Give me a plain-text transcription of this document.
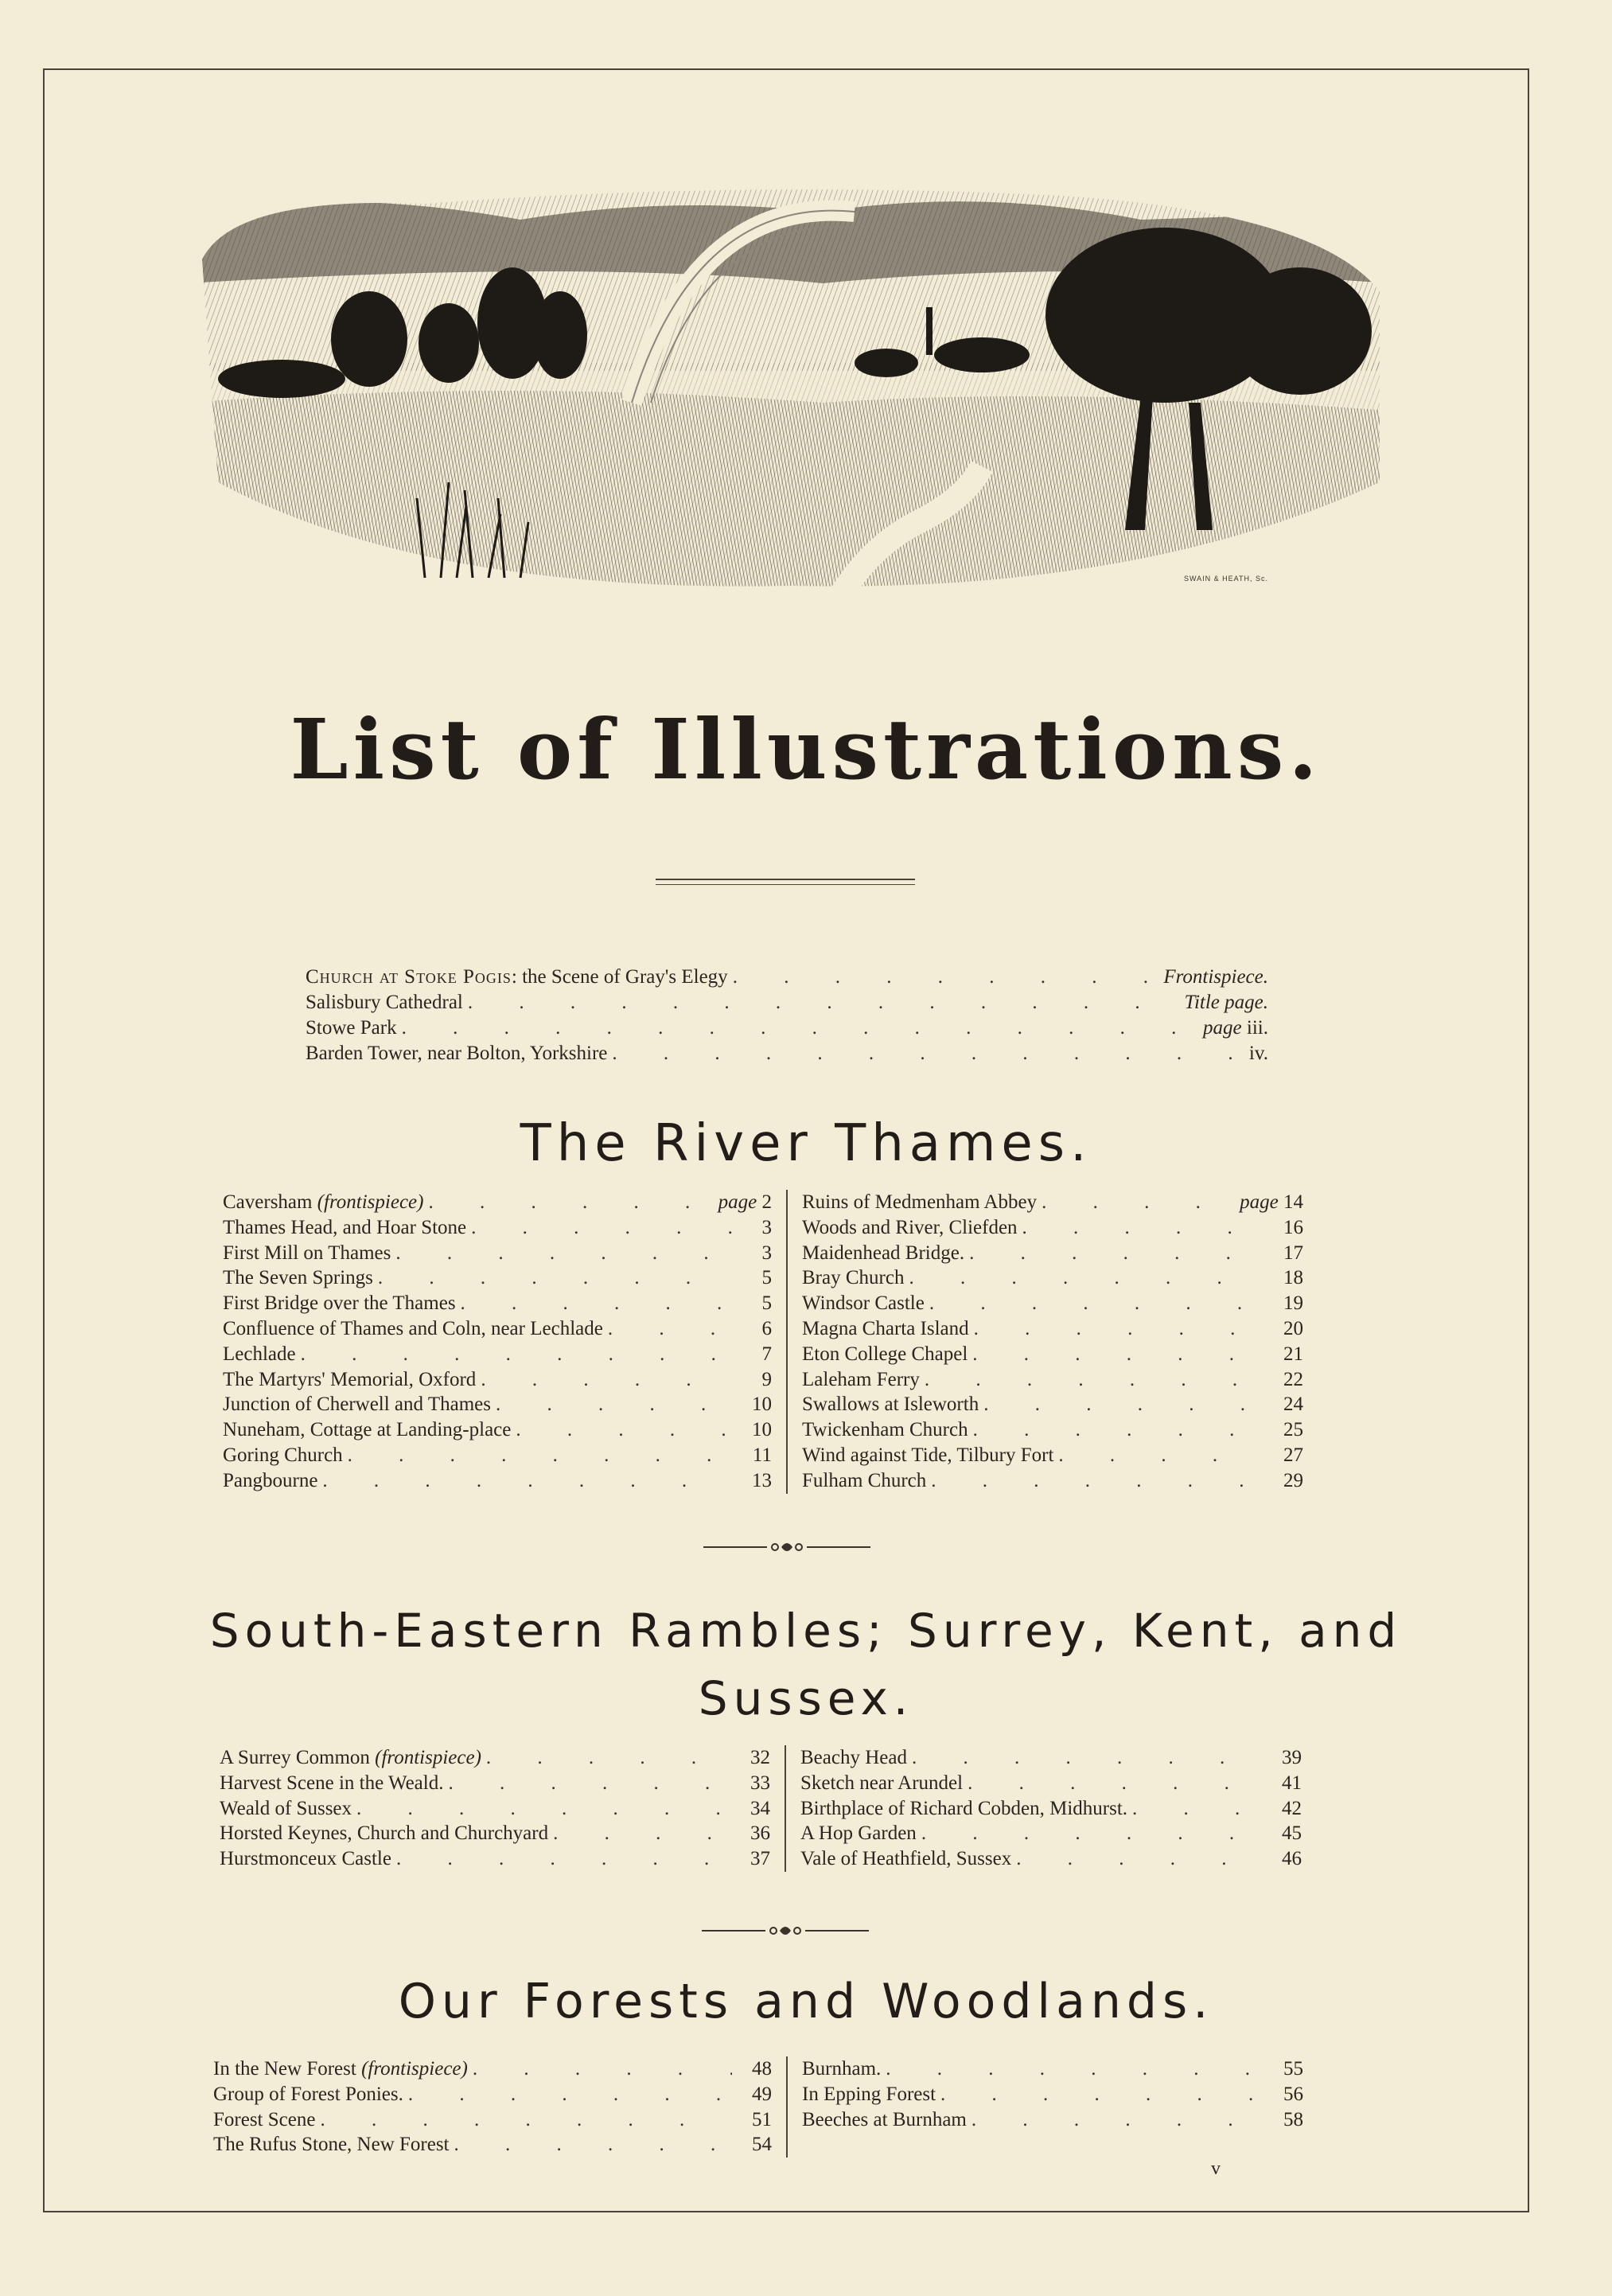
SWAIN & HEATH, Sc.
List of Illustrations.
Church at Stoke Pogis: the Scene of Gray's Elegy . . .	Frontispiece.
Salisbury Cathedral . . .	Title page.
Stowe Park . . .	page iii.
Barden Tower, near Bolton, Yorkshire . . .	iv.
The River Thames.
Caversham (frontispiece) . . .	page 2
Thames Head, and Hoar Stone . . .	3
First Mill on Thames . . .	3
The Seven Springs . . .	5
First Bridge over the Thames . . .	5
Confluence of Thames and Coln, near Lechlade . . .	6
Lechlade . . .	7
The Martyrs' Memorial, Oxford . . .	9
Junction of Cherwell and Thames . . .	10
Nuneham, Cottage at Landing-place . . .	10
Goring Church . . .	11
Pangbourne . . .	13
Ruins of Medmenham Abbey . . .	page 14
Woods and River, Cliefden . . .	16
Maidenhead Bridge. . . .	17
Bray Church . . .	18
Windsor Castle . . .	19
Magna Charta Island . . .	20
Eton College Chapel . . .	21
Laleham Ferry . . .	22
Swallows at Isleworth . . .	24
Twickenham Church . . .	25
Wind against Tide, Tilbury Fort . . .	27
Fulham Church . . .	29
South-Eastern Rambles; Surrey, Kent, and
Sussex.
A Surrey Common (frontispiece) . . .	32
Harvest Scene in the Weald. . . .	33
Weald of Sussex . . .	34
Horsted Keynes, Church and Churchyard . . .	36
Hurstmonceux Castle . . .	37
Beachy Head . . .	39
Sketch near Arundel . . .	41
Birthplace of Richard Cobden, Midhurst. . . .	42
A Hop Garden . . .	45
Vale of Heathfield, Sussex . . .	46
Our Forests and Woodlands.
In the New Forest (frontispiece) . . .	48
Group of Forest Ponies. . . .	49
Forest Scene . . .	51
The Rufus Stone, New Forest . . .	54
Burnham. . . .	55
In Epping Forest . . .	56
Beeches at Burnham . . .	58
v
